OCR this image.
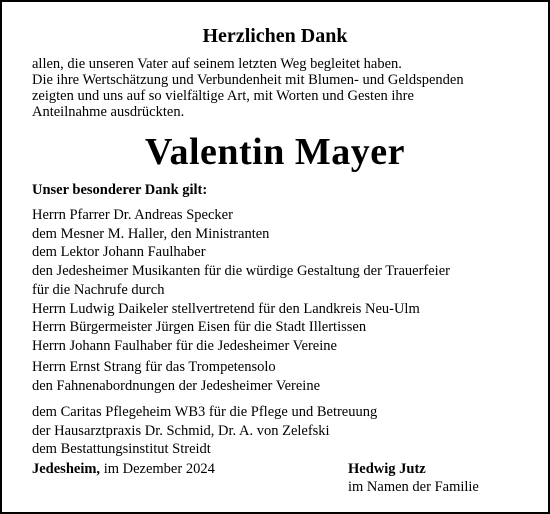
Herzlichen Dank
allen, die unseren Vater auf seinem letzten Weg begleitet haben.
Die ihre Wertschätzung und Verbundenheit mit Blumen- und Geldspenden
zeigten und uns auf so vielfältige Art, mit Worten und Gesten ihre
Anteilnahme ausdrückten.
Valentin Mayer
Unser besonderer Dank gilt:
Herrn Pfarrer Dr. Andreas Specker
dem Mesner M. Haller, den Ministranten
dem Lektor Johann Faulhaber
den Jedesheimer Musikanten für die würdige Gestaltung der Trauerfeier
für die Nachrufe durch
Herrn Ludwig Daikeler stellvertretend für den Landkreis Neu-Ulm
Herrn Bürgermeister Jürgen Eisen für die Stadt Illertissen
Herrn Johann Faulhaber für die Jedesheimer Vereine
Herrn Ernst Strang für das Trompetensolo
den Fahnenabordnungen der Jedesheimer Vereine
dem Caritas Pflegeheim WB3 für die Pflege und Betreuung
der Hausarztpraxis Dr. Schmid, Dr. A. von Zelefski
dem Bestattungsinstitut Streidt
Jedesheim, im Dezember 2024	Hedwig Jutz
im Namen der Familie
